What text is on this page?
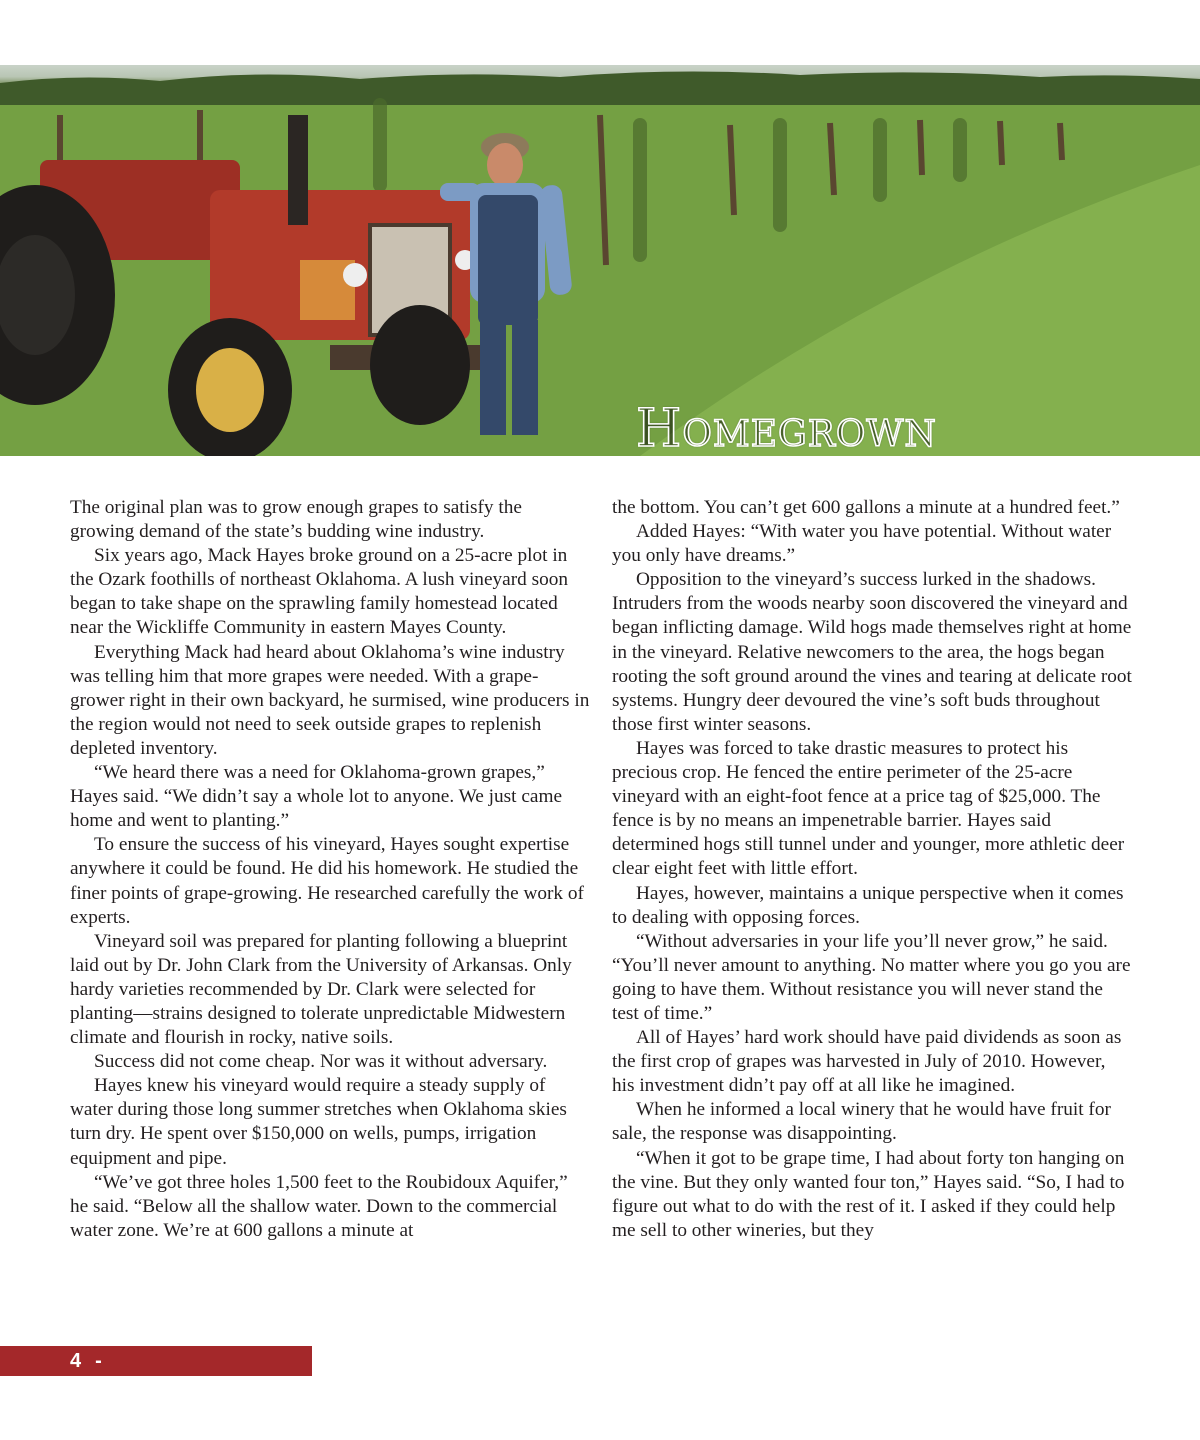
Homegrown

The original plan was to grow enough grapes to satisfy the growing demand of the state’s budding wine industry.

Six years ago, Mack Hayes broke ground on a 25-acre plot in the Ozark foothills of northeast Oklahoma. A lush vineyard soon began to take shape on the sprawling family homestead located near the Wickliffe Community in eastern Mayes County.

Everything Mack had heard about Oklahoma’s wine industry was telling him that more grapes were needed. With a grape-grower right in their own backyard, he surmised, wine producers in the region would not need to seek outside grapes to replenish depleted inventory.

“We heard there was a need for Oklahoma-grown grapes,” Hayes said. “We didn’t say a whole lot to anyone. We just came home and went to planting.”

To ensure the success of his vineyard, Hayes sought expertise anywhere it could be found. He did his homework. He studied the finer points of grape-growing. He researched carefully the work of experts.

Vineyard soil was prepared for planting following a blueprint laid out by Dr. John Clark from the University of Arkansas. Only hardy varieties recommended by Dr. Clark were selected for planting—strains designed to tolerate unpredictable Midwestern climate and flourish in rocky, native soils.

Success did not come cheap. Nor was it without adversary.

Hayes knew his vineyard would require a steady supply of water during those long summer stretches when Oklahoma skies turn dry. He spent over $150,000 on wells, pumps, irrigation equipment and pipe.

“We’ve got three holes 1,500 feet to the Roubidoux Aquifer,” he said. “Below all the shallow water. Down to the commercial water zone. We’re at 600 gallons a minute at

the bottom. You can’t get 600 gallons a minute at a hundred feet.”

Added Hayes: “With water you have potential. Without water you only have dreams.”

Opposition to the vineyard’s success lurked in the shadows. Intruders from the woods nearby soon discovered the vineyard and began inflicting damage. Wild hogs made themselves right at home in the vineyard. Relative newcomers to the area, the hogs began rooting the soft ground around the vines and tearing at delicate root systems. Hungry deer devoured the vine’s soft buds throughout those first winter seasons.

Hayes was forced to take drastic measures to protect his precious crop. He fenced the entire perimeter of the 25-acre vineyard with an eight-foot fence at a price tag of $25,000. The fence is by no means an impenetrable barrier. Hayes said determined hogs still tunnel under and younger, more athletic deer clear eight feet with little effort.

Hayes, however, maintains a unique perspective when it comes to dealing with opposing forces.

“Without adversaries in your life you’ll never grow,” he said. “You’ll never amount to anything. No matter where you go you are going to have them. Without resistance you will never stand the test of time.”

All of Hayes’ hard work should have paid dividends as soon as the first crop of grapes was harvested in July of 2010. However, his investment didn’t pay off at all like he imagined.

When he informed a local winery that he would have fruit for sale, the response was disappointing.

“When it got to be grape time, I had about forty ton hanging on the vine. But they only wanted four ton,” Hayes said. “So, I had to figure out what to do with the rest of it. I asked if they could help me sell to other wineries, but they

4 -Northeast Connection
